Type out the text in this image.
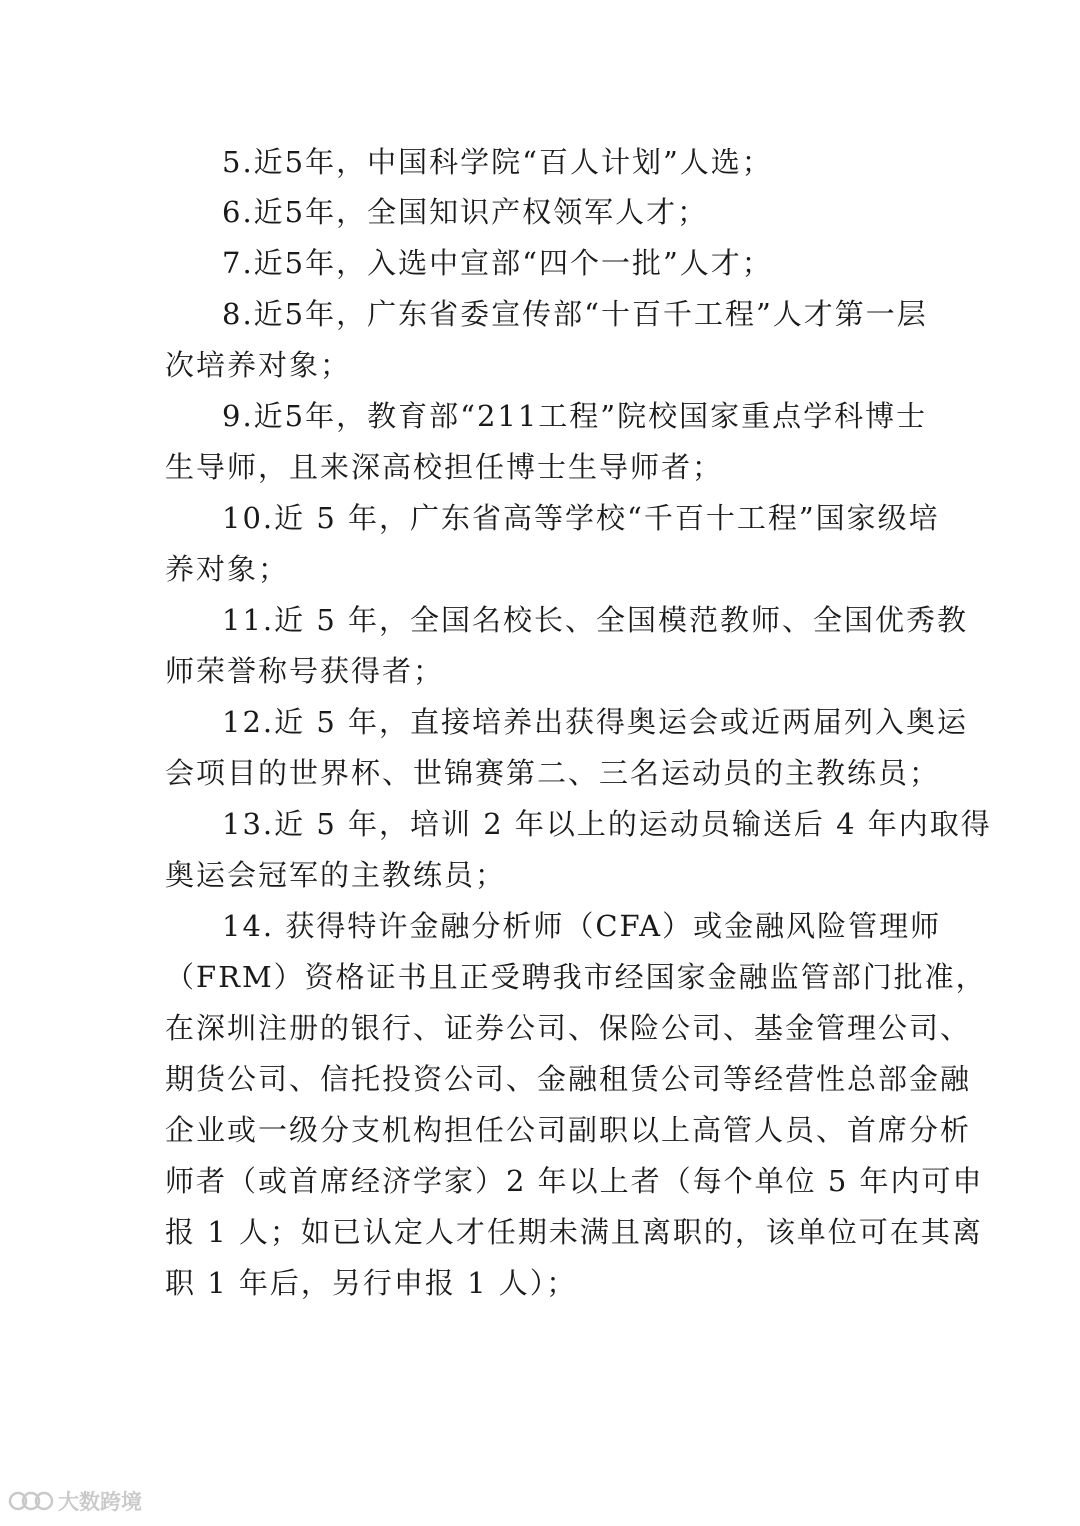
5.近5年，中国科学院“百人计划”人选；
6.近5年，全国知识产权领军人才；
7.近5年，入选中宣部“四个一批”人才；
8.近5年，广东省委宣传部“十百千工程”人才第一层
次培养对象；
9.近5年，教育部“211工程”院校国家重点学科博士
生导师，且来深高校担任博士生导师者；
10.近 5 年，广东省高等学校“千百十工程”国家级培
养对象；
11.近 5 年，全国名校长、全国模范教师、全国优秀教
师荣誉称号获得者；
12.近 5 年，直接培养出获得奥运会或近两届列入奥运
会项目的世界杯、世锦赛第二、三名运动员的主教练员；
13.近 5 年，培训 2 年以上的运动员输送后 4 年内取得
奥运会冠军的主教练员；
14. 获得特许金融分析师（CFA）或金融风险管理师
（FRM）资格证书且正受聘我市经国家金融监管部门批准，
在深圳注册的银行、证券公司、保险公司、基金管理公司、
期货公司、信托投资公司、金融租赁公司等经营性总部金融
企业或一级分支机构担任公司副职以上高管人员、首席分析
师者（或首席经济学家）2 年以上者（每个单位 5 年内可申
报 1 人；如已认定人才任期未满且离职的，该单位可在其离
职 1 年后，另行申报 1 人）；
大数跨境
